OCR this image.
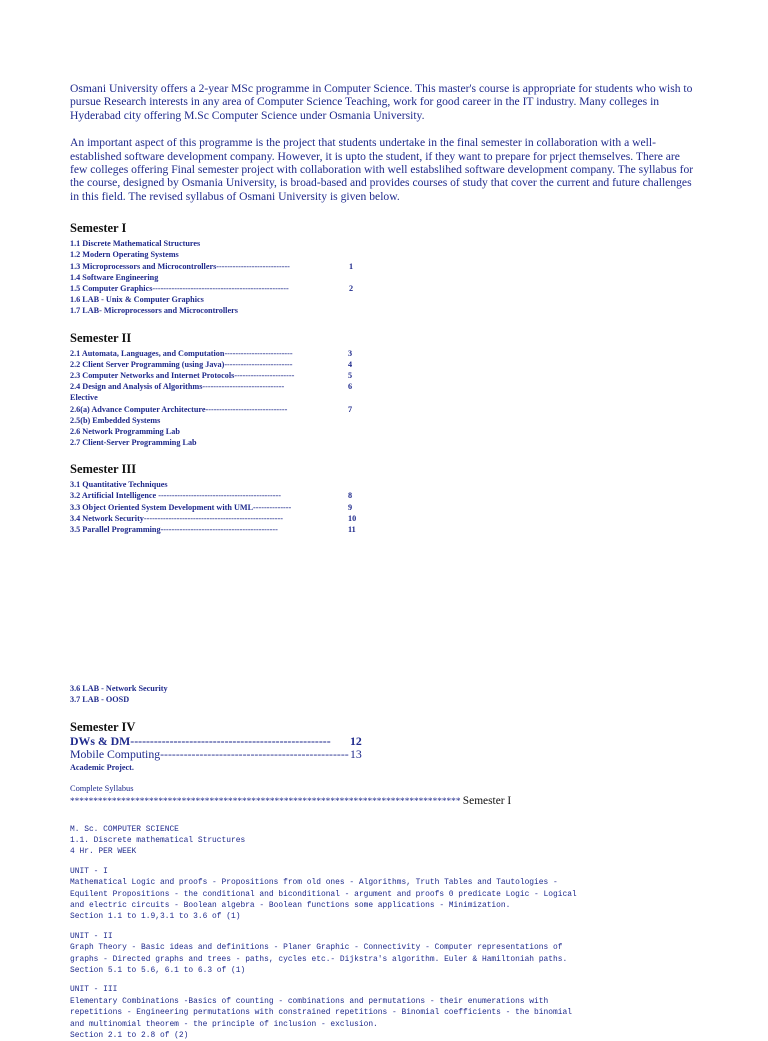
Osmani University offers a 2-year MSc programme in Computer Science. This master's course is appropriate for students who wish to pursue Research interests in any area of Computer Science Teaching, work for good career in the IT industry. Many colleges in Hyderabad city offering M.Sc Computer Science under Osmania University.

An important aspect of this programme is the project that students undertake in the final semester in collaboration with a well-established software development company. However, it is upto the student, if they want to prepare for prject themselves. There are few colleges offering Final semester project with collaboration with well estabslihed software development company. The syllabus for the course, designed by Osmania University, is broad-based and provides courses of study that cover the current and future challenges in this field. The revised syllabus of Osmani University is given below.

Semester I
1.1 Discrete Mathematical Structures
1.2 Modern Operating Systems
1.3 Microprocessors and Microcontrollers---------------------------	1
1.4 Software Engineering
1.5 Computer Graphics--------------------------------------------------	2
1.6 LAB - Unix & Computer Graphics
1.7 LAB- Microprocessors and Microcontrollers
Semester II
2.1 Automata, Languages, and Computation-------------------------	3
2.2 Client Server Programming (using Java)-------------------------	4
2.3 Computer Networks and Internet Protocols----------------------	5
2.4 Design and Analysis of Algorithms------------------------------	6
Elective
2.6(a) Advance Computer Architecture------------------------------	7
2.5(b) Embedded Systems
2.6 Network Programming Lab
2.7 Client-Server Programming Lab
Semester III
3.1 Quantitative Techniques
3.2 Artificial Intelligence ---------------------------------------------	8
3.3 Object Oriented System Development with UML--------------	9
3.4 Network Security---------------------------------------------------	10
3.5 Parallel Programming-------------------------------------------	11
3.6 LAB - Network Security
3.7 LAB - OOSD
Semester IV
DWs & DM--------------------------------------------------- 12
Mobile Computing------------------------------------------------ 13
Academic Project.
Complete Syllabus
************************************************************************************ Semester I
M. Sc. COMPUTER SCIENCE
1.1. Discrete mathematical Structures
4 Hr. PER WEEK
UNIT - I
Mathematical Logic and proofs - Propositions from old ones - Algorithms, Truth Tables and Tautologies -
Equilent Propositions - the conditional and biconditional - argument and proofs 0 predicate Logic - Logical
and electric circuits - Boolean algebra - Boolean functions some applications - Minimization.
Section 1.1 to 1.9,3.1 to 3.6 of (1)
UNIT - II
Graph Theory - Basic ideas and definitions - Planer Graphic - Connectivity - Computer representations of
graphs - Directed graphs and trees - paths, cycles etc.- Dijkstra's algorithm. Euler & Hamiltoniah paths.
Section 5.1 to 5.6, 6.1 to 6.3 of (1)
UNIT - III
Elementary Combinations -Basics of counting - combinations and permutations - their enumerations with
repetitions - Engineering permutations with constrained repetitions - Binomial coefficients - the binomial
and multinomial theorem - the principle of inclusion - exclusion.
Section 2.1 to 2.8 of (2)
